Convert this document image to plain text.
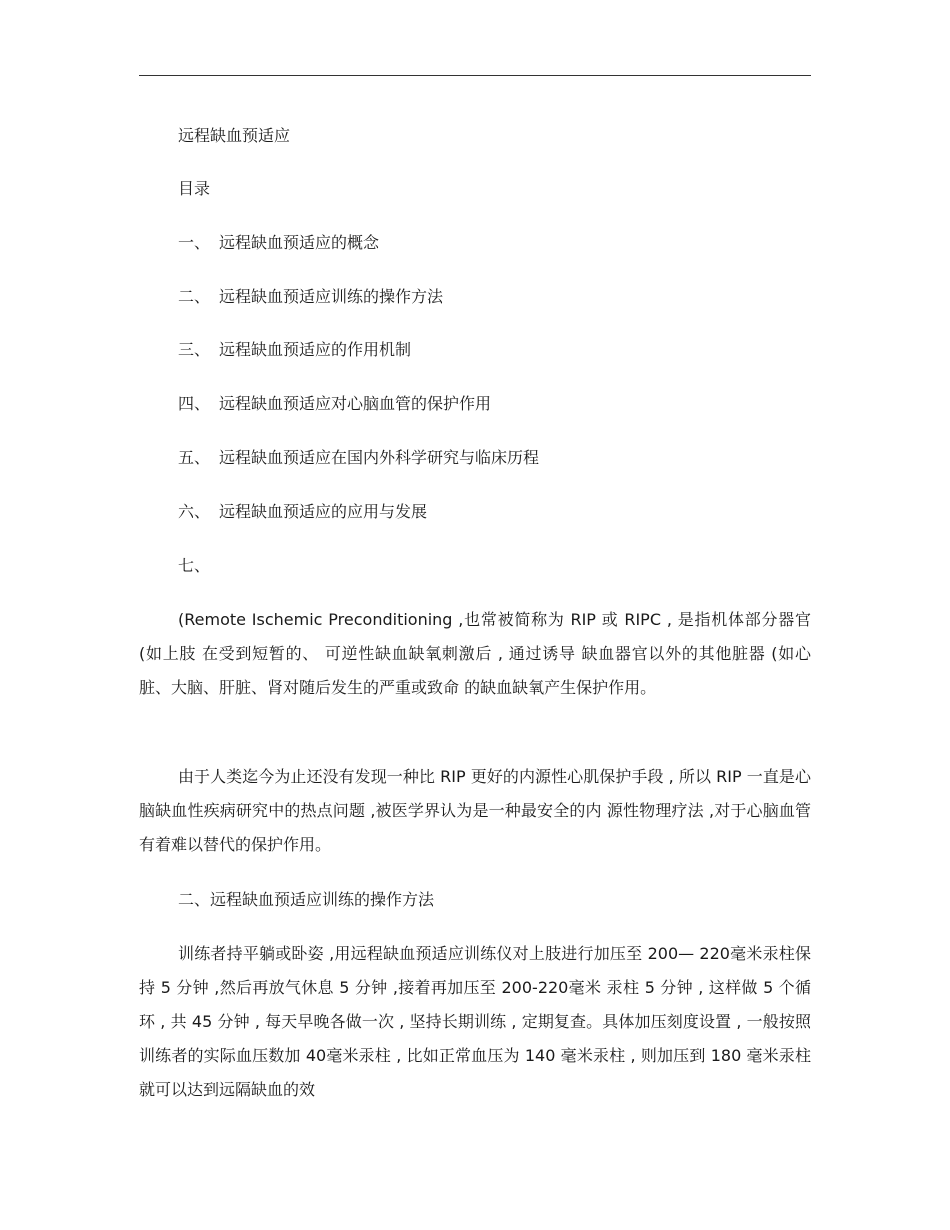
远程缺血预适应
目录
一、 远程缺血预适应的概念
二、 远程缺血预适应训练的操作方法
三、 远程缺血预适应的作用机制
四、 远程缺血预适应对心脑血管的保护作用
五、 远程缺血预适应在国内外科学研究与临床历程
六、 远程缺血预适应的应用与发展
七、
(Remote Ischemic Preconditioning ,也常被简称为 RIP 或 RIPC , 是指机体部分器官 (如上肢 在受到短暂的、 可逆性缺血缺氧刺激后 , 通过诱导 缺血器官以外的其他脏器 (如心脏、大脑、肝脏、肾对随后发生的严重或致命 的缺血缺氧产生保护作用。
由于人类迄今为止还没有发现一种比 RIP 更好的内源性心肌保护手段 , 所以 RIP 一直是心脑缺血性疾病研究中的热点问题 ,被医学界认为是一种最安全的内 源性物理疗法 ,对于心脑血管有着难以替代的保护作用。
二、远程缺血预适应训练的操作方法
训练者持平躺或卧姿 ,用远程缺血预适应训练仪对上肢进行加压至 200— 220毫米汞柱保持 5 分钟 ,然后再放气休息 5 分钟 ,接着再加压至 200-220毫米 汞柱 5 分钟 , 这样做 5 个循环 , 共 45 分钟 , 每天早晚各做一次 , 坚持长期训练 , 定期复查。具体加压刻度设置 , 一般按照训练者的实际血压数加 40毫米汞柱 , 比如正常血压为 140 毫米汞柱 , 则加压到 180 毫米汞柱就可以达到远隔缺血的效
